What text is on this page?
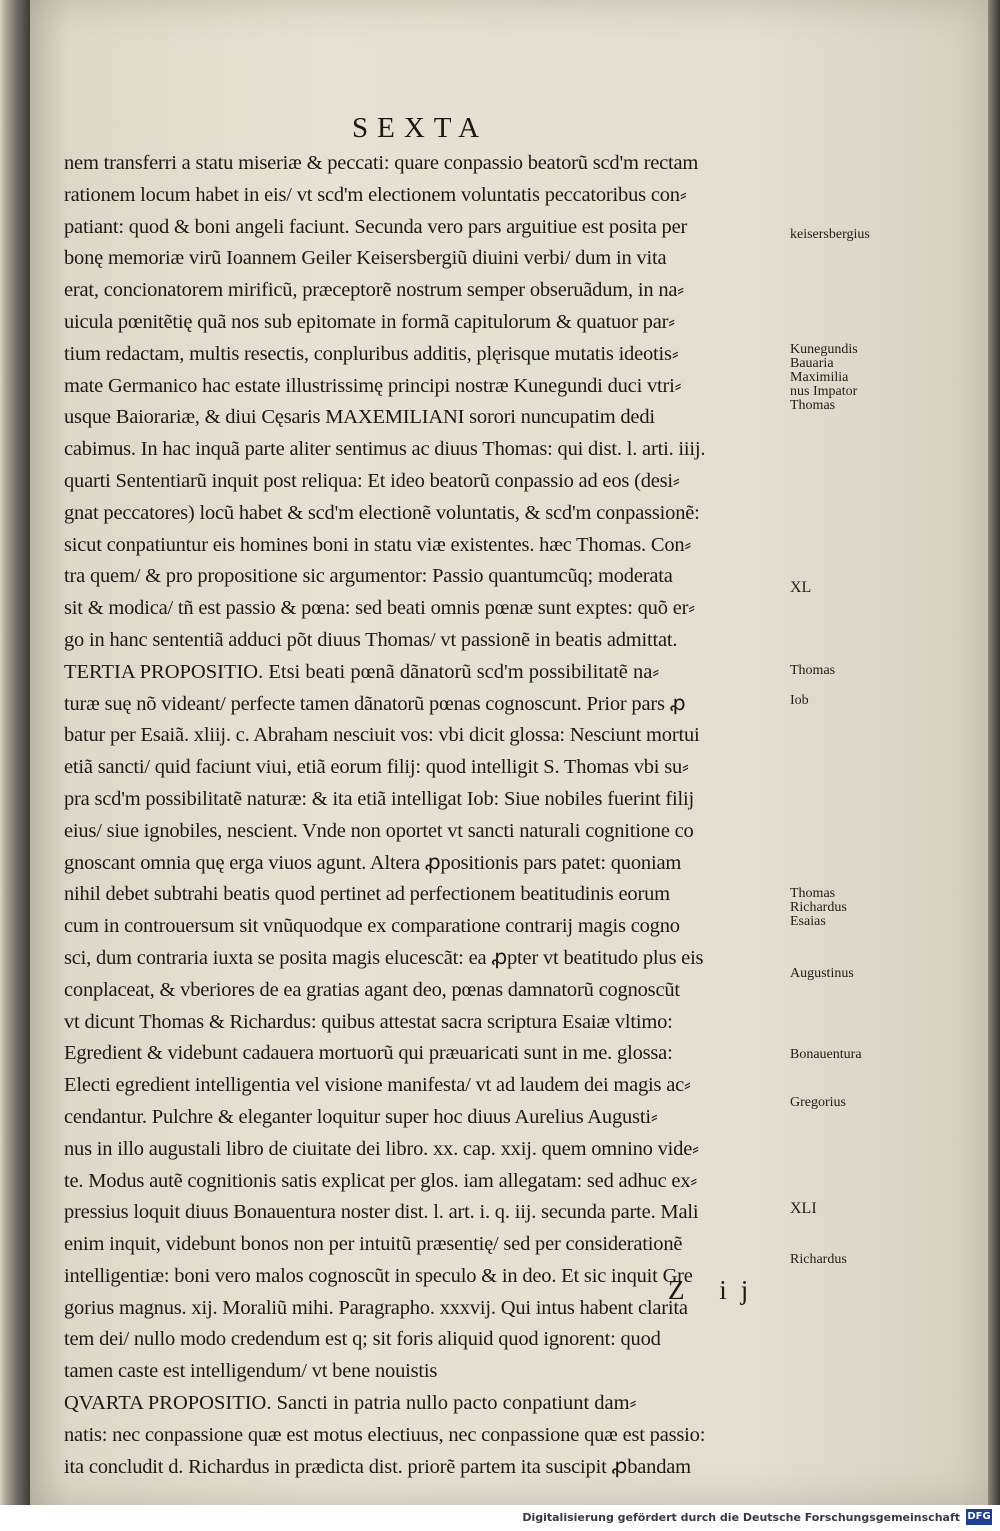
SEXTA
nem transferri a statu miseriæ & peccati: quare conpassio beatorũ scd'm rectam
rationem locum habet in eis/ vt scd'm electionem voluntatis peccatoribus con⸗
patiant: quod & boni angeli faciunt. Secunda vero pars arguitiue est posita per
bonę memoriæ virũ Ioannem Geiler Keisersbergiũ diuini verbi/ dum in vita
erat, concionatorem mirificũ, præceptorẽ nostrum semper obseruãdum, in na⸗
uicula pœnitẽtię quã nos sub epitomate in formã capitulorum & quatuor par⸗
tium redactam, multis resectis, conpluribus additis, plęrisque mutatis ideotis⸗
mate Germanico hac estate illustrissimę principi nostræ Kunegundi duci vtri⸗
usque Baiorariæ, & diui Cęsaris MAXEMILIANI sorori nuncupatim dedi
cabimus. In hac inquã parte aliter sentimus ac diuus Thomas: qui dist. l. arti. iiij.
quarti Sententiarũ inquit post reliqua: Et ideo beatorũ conpassio ad eos (desi⸗
gnat peccatores) locũ habet & scd'm electionẽ voluntatis, & scd'm conpassionẽ:
sicut conpatiuntur eis homines boni in statu viæ existentes. hæc Thomas. Con⸗
tra quem/ & pro propositione sic argumentor: Passio quantumcũq; moderata
sit & modica/ tñ est passio & pœna: sed beati omnis pœnæ sunt exptes: quõ er⸗
go in hanc sententiã adduci põt diuus Thomas/ vt passionẽ in beatis admittat.
TERTIA PROPOSITIO. Etsi beati pœnã dãnatorũ scd'm possibilitatẽ na⸗
turæ suę nõ videant/ perfecte tamen dãnatorũ pœnas cognoscunt. Prior pars ꝓ
batur per Esaiã. xliij. c. Abraham nesciuit vos: vbi dicit glossa: Nesciunt mortui
etiã sancti/ quid faciunt viui, etiã eorum filij: quod intelligit S. Thomas vbi su⸗
pra scd'm possibilitatẽ naturæ: & ita etiã intelligat Iob: Siue nobiles fuerint filij
eius/ siue ignobiles, nescient. Vnde non oportet vt sancti naturali cognitione co
gnoscant omnia quę erga viuos agunt. Altera ꝓpositionis pars patet: quoniam
nihil debet subtrahi beatis quod pertinet ad perfectionem beatitudinis eorum
cum in controuersum sit vnũquodque ex comparatione contrarij magis cogno
sci, dum contraria iuxta se posita magis elucescãt: ea ꝓpter vt beatitudo plus eis
conplaceat, & vberiores de ea gratias agant deo, pœnas damnatorũ cognoscũt
vt dicunt Thomas & Richardus: quibus attestat sacra scriptura Esaiæ vltimo:
Egredient & videbunt cadauera mortuorũ qui præuaricati sunt in me. glossa:
Electi egredient intelligentia vel visione manifesta/ vt ad laudem dei magis ac⸗
cendantur. Pulchre & eleganter loquitur super hoc diuus Aurelius Augusti⸗
nus in illo augustali libro de ciuitate dei libro. xx. cap. xxij. quem omnino vide⸗
te. Modus autẽ cognitionis satis explicat per glos. iam allegatam: sed adhuc ex⸗
pressius loquit diuus Bonauentura noster dist. l. art. i. q. iij. secunda parte. Mali
enim inquit, videbunt bonos non per intuitũ præsentię/ sed per considerationẽ
intelligentiæ: boni vero malos cognoscũt in speculo & in deo. Et sic inquit Gre
gorius magnus. xij. Moraliũ mihi. Paragrapho. xxxvij. Qui intus habent clarita
tem dei/ nullo modo credendum est q; sit foris aliquid quod ignorent: quod
tamen caste est intelligendum/ vt bene nouistis
QVARTA PROPOSITIO. Sancti in patria nullo pacto conpatiunt dam⸗
natis: nec conpassione quæ est motus electiuus, nec conpassione quæ est passio:
ita concludit d. Richardus in prædicta dist. priorẽ partem ita suscipit ꝓbandam
keisersbergius
Kunegundis
Bauaria
Maximilia
nus Impator
Thomas
XL
Thomas
Iob
Thomas
Richardus
Esaias
Augustinus
Bonauentura
Gregorius
XLI
Richardus
Z ij
Digitalisierung gefördert durch die Deutsche Forschungsgemeinschaft DFG
